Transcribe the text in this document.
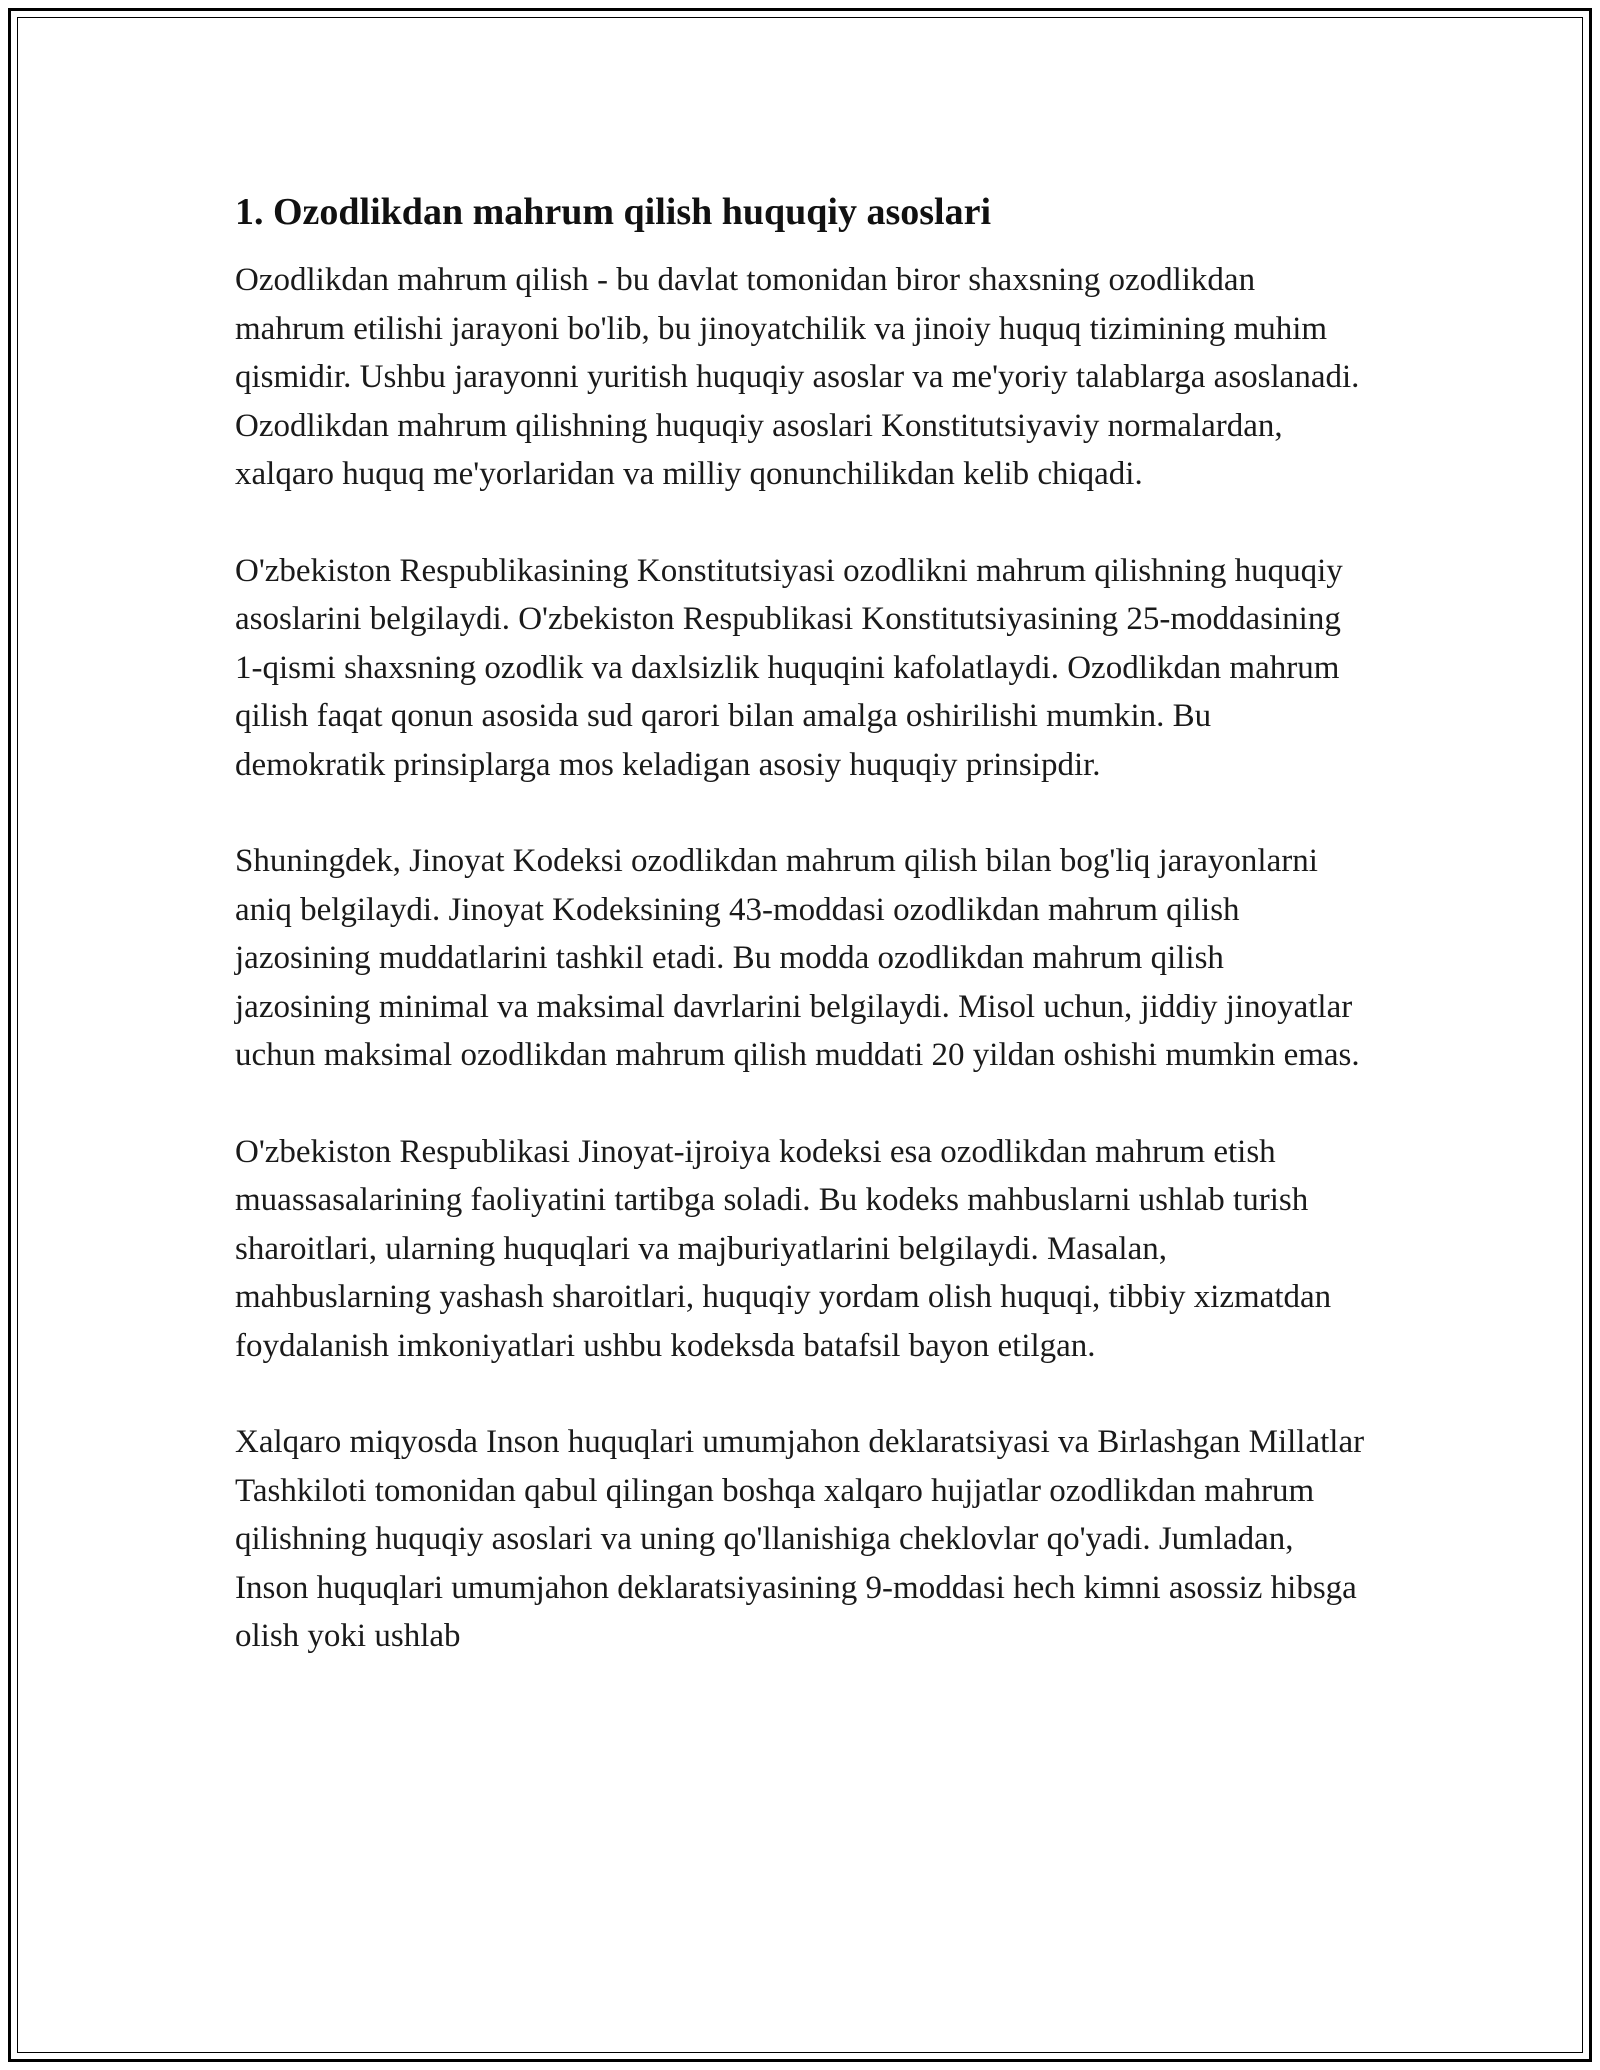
1. Ozodlikdan mahrum qilish huquqiy asoslari

Ozodlikdan mahrum qilish - bu davlat tomonidan biror shaxsning ozodlikdan mahrum etilishi jarayoni bo'lib, bu jinoyatchilik va jinoiy huquq tizimining muhim qismidir. Ushbu jarayonni yuritish huquqiy asoslar va me'yoriy talablarga asoslanadi. Ozodlikdan mahrum qilishning huquqiy asoslari Konstitutsiyaviy normalardan, xalqaro huquq me'yorlaridan va milliy qonunchilikdan kelib chiqadi.

O'zbekiston Respublikasining Konstitutsiyasi ozodlikni mahrum qilishning huquqiy asoslarini belgilaydi. O'zbekiston Respublikasi Konstitutsiyasining 25-moddasining 1-qismi shaxsning ozodlik va daxlsizlik huquqini kafolatlaydi. Ozodlikdan mahrum qilish faqat qonun asosida sud qarori bilan amalga oshirilishi mumkin. Bu demokratik prinsiplarga mos keladigan asosiy huquqiy prinsipdir.

Shuningdek, Jinoyat Kodeksi ozodlikdan mahrum qilish bilan bog'liq jarayonlarni aniq belgilaydi. Jinoyat Kodeksining 43-moddasi ozodlikdan mahrum qilish jazosining muddatlarini tashkil etadi. Bu modda ozodlikdan mahrum qilish jazosining minimal va maksimal davrlarini belgilaydi. Misol uchun, jiddiy jinoyatlar uchun maksimal ozodlikdan mahrum qilish muddati 20 yildan oshishi mumkin emas.

O'zbekiston Respublikasi Jinoyat-ijroiya kodeksi esa ozodlikdan mahrum etish muassasalarining faoliyatini tartibga soladi. Bu kodeks mahbuslarni ushlab turish sharoitlari, ularning huquqlari va majburiyatlarini belgilaydi. Masalan, mahbuslarning yashash sharoitlari, huquqiy yordam olish huquqi, tibbiy xizmatdan foydalanish imkoniyatlari ushbu kodeksda batafsil bayon etilgan.

Xalqaro miqyosda Inson huquqlari umumjahon deklaratsiyasi va Birlashgan Millatlar Tashkiloti tomonidan qabul qilingan boshqa xalqaro hujjatlar ozodlikdan mahrum qilishning huquqiy asoslari va uning qo'llanishiga cheklovlar qo'yadi. Jumladan, Inson huquqlari umumjahon deklaratsiyasining 9-moddasi hech kimni asossiz hibsga olish yoki ushlab
